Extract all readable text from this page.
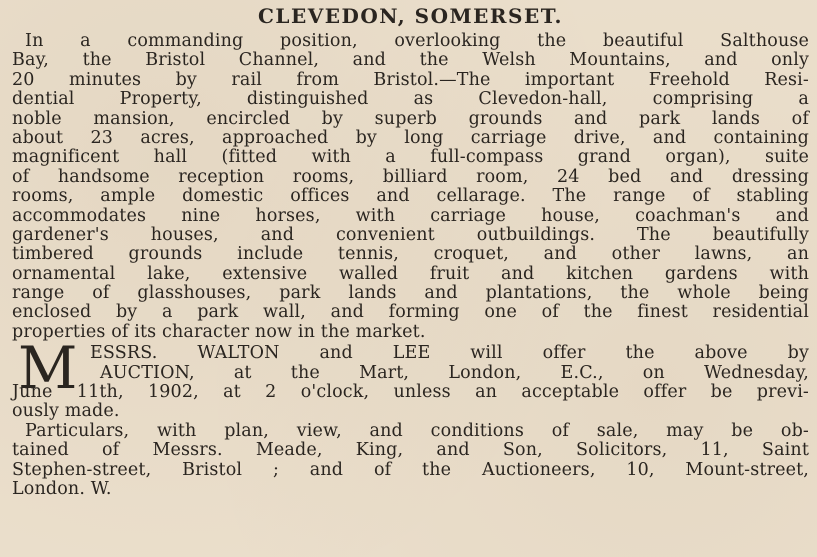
CLEVEDON, SOMERSET.
In a commanding position, overlooking the beautiful Salthouse
Bay, the Bristol Channel, and the Welsh Mountains, and only
20 minutes by rail from Bristol.—The important Freehold Resi-
dential Property, distinguished as Clevedon-hall, comprising a
noble mansion, encircled by superb grounds and park lands of
about 23 acres, approached by long carriage drive, and containing
magnificent hall (fitted with a full-compass grand organ), suite
of handsome reception rooms, billiard room, 24 bed and dressing
rooms, ample domestic offices and cellarage. The range of stabling
accommodates nine horses, with carriage house, coachman's and
gardener's houses, and convenient outbuildings. The beautifully
timbered grounds include tennis, croquet, and other lawns, an
ornamental lake, extensive walled fruit and kitchen gardens with
range of glasshouses, park lands and plantations, the whole being
enclosed by a park wall, and forming one of the finest residential
properties of its character now in the market.
M ESSRS. WALTON and LEE will offer the above by
AUCTION, at the Mart, London, E.C., on Wednesday,
June 11th, 1902, at 2 o'clock, unless an acceptable offer be previ-
ously made.
Particulars, with plan, view, and conditions of sale, may be ob-
tained of Messrs. Meade, King, and Son, Solicitors, 11, Saint
Stephen-street, Bristol ; and of the Auctioneers, 10, Mount-street,
London. W.
